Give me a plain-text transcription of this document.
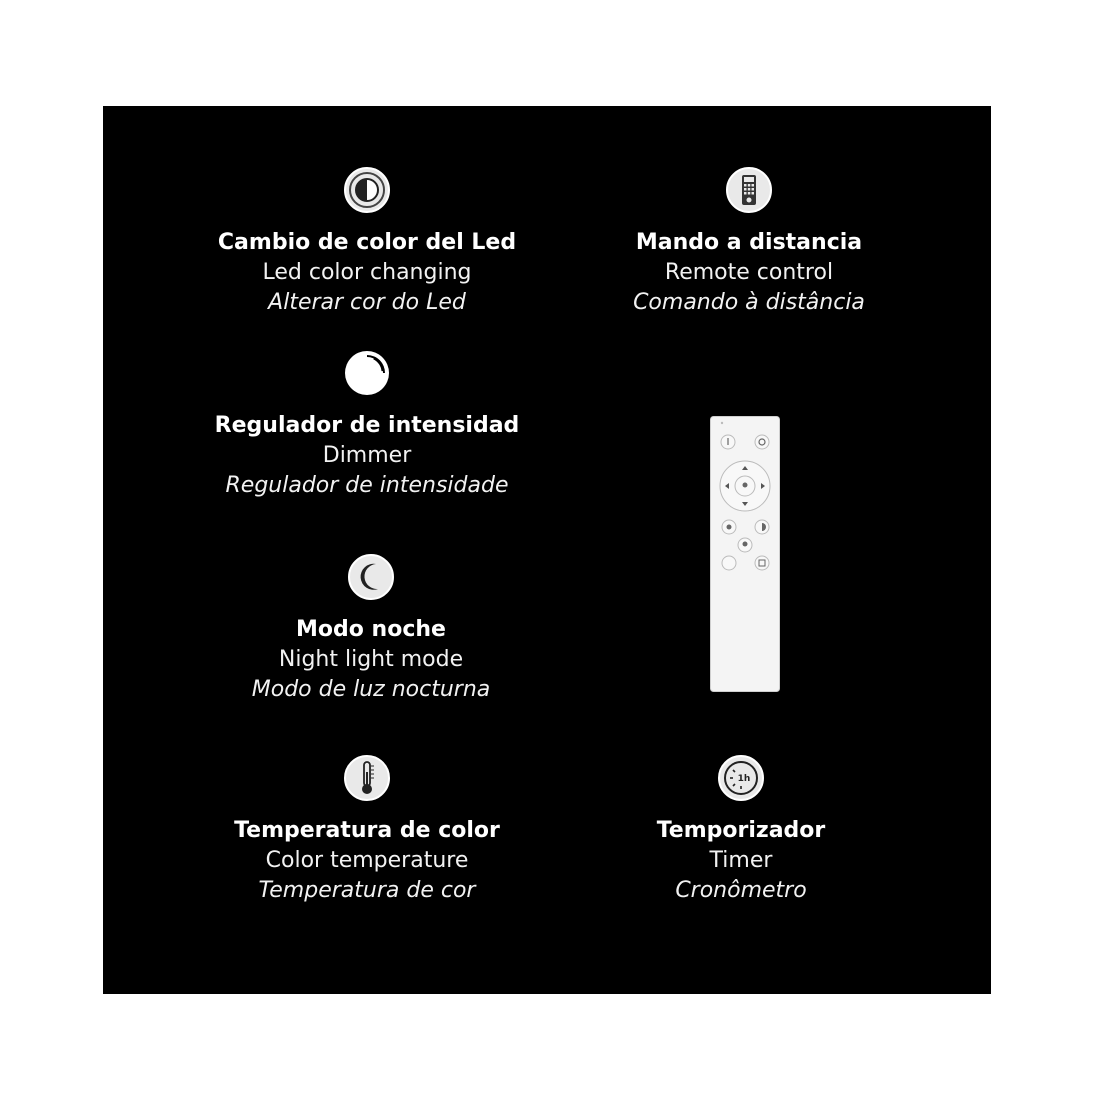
Cambio de color del Led
Led color changing
Alterar cor do Led
Mando a distancia
Remote control
Comando à distância
Regulador de intensidad
Dimmer
Regulador de intensidade
Modo noche
Night light mode
Modo de luz nocturna
Temperatura de color
Color temperature
Temperatura de cor
1h
Temporizador
Timer
Cronômetro
